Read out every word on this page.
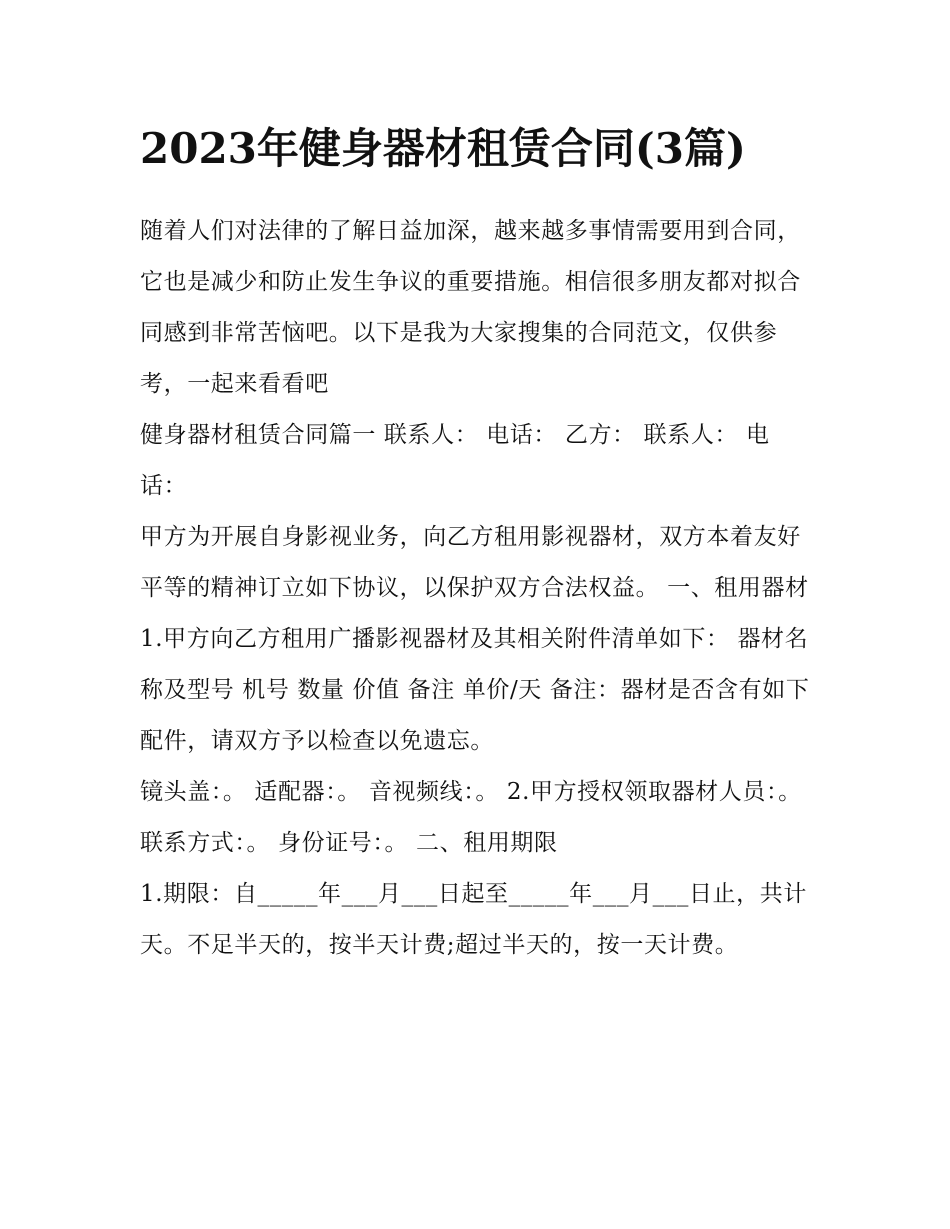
2023年健身器材租赁合同(3篇)

随着人们对法律的了解日益加深，越来越多事情需要用到合同，它也是减少和防止发生争议的重要措施。相信很多朋友都对拟合同感到非常苦恼吧。以下是我为大家搜集的合同范文，仅供参考，一起来看看吧

健身器材租赁合同篇一 联系人： 电话： 乙方： 联系人： 电话：

甲方为开展自身影视业务，向乙方租用影视器材，双方本着友好平等的精神订立如下协议，以保护双方合法权益。 一、租用器材

1.甲方向乙方租用广播影视器材及其相关附件清单如下： 器材名称及型号 机号 数量 价值 备注 单价/天 备注：器材是否含有如下配件，请双方予以检查以免遗忘。

镜头盖：。 适配器：。 音视频线：。 2.甲方授权领取器材人员：。 联系方式：。 身份证号：。 二、租用期限

1.期限：自_____年___月___日起至_____年___月___日止，共计天。不足半天的，按半天计费;超过半天的，按一天计费。
